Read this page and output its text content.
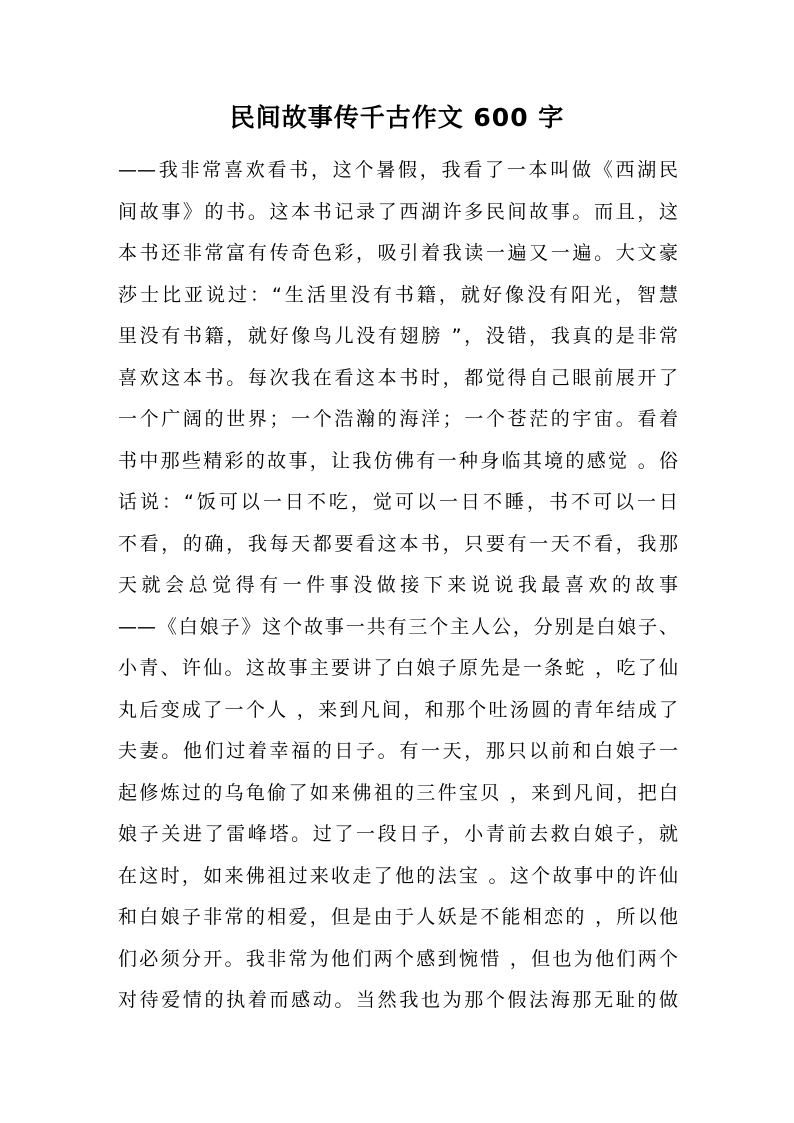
民间故事传千古作文 600 字
——我非常喜欢看书，这个暑假，我看了一本叫做《西湖民
间故事》的书。这本书记录了西湖许多民间故事。而且，这
本书还非常富有传奇色彩，吸引着我读一遍又一遍。大文豪
莎士比亚说过：“生活里没有书籍，就好像没有阳光，智慧
里没有书籍，就好像鸟儿没有翅膀 ”，没错，我真的是非常
喜欢这本书。每次我在看这本书时，都觉得自己眼前展开了
一个广阔的世界；一个浩瀚的海洋；一个苍茫的宇宙。看着
书中那些精彩的故事，让我仿佛有一种身临其境的感觉 。俗
话说：“饭可以一日不吃，觉可以一日不睡，书不可以一日
不看，的确，我每天都要看这本书，只要有一天不看，我那
天就会总觉得有一件事没做接下来说说我最喜欢的故事
——《白娘子》这个故事一共有三个主人公，分别是白娘子、
小青、许仙。这故事主要讲了白娘子原先是一条蛇 ，吃了仙
丸后变成了一个人 ，来到凡间，和那个吐汤圆的青年结成了
夫妻。他们过着幸福的日子。有一天，那只以前和白娘子一
起修炼过的乌龟偷了如来佛祖的三件宝贝 ，来到凡间，把白
娘子关进了雷峰塔。过了一段日子，小青前去救白娘子，就
在这时，如来佛祖过来收走了他的法宝 。这个故事中的许仙
和白娘子非常的相爱，但是由于人妖是不能相恋的 ，所以他
们必须分开。我非常为他们两个感到惋惜 ，但也为他们两个
对待爱情的执着而感动。当然我也为那个假法海那无耻的做
